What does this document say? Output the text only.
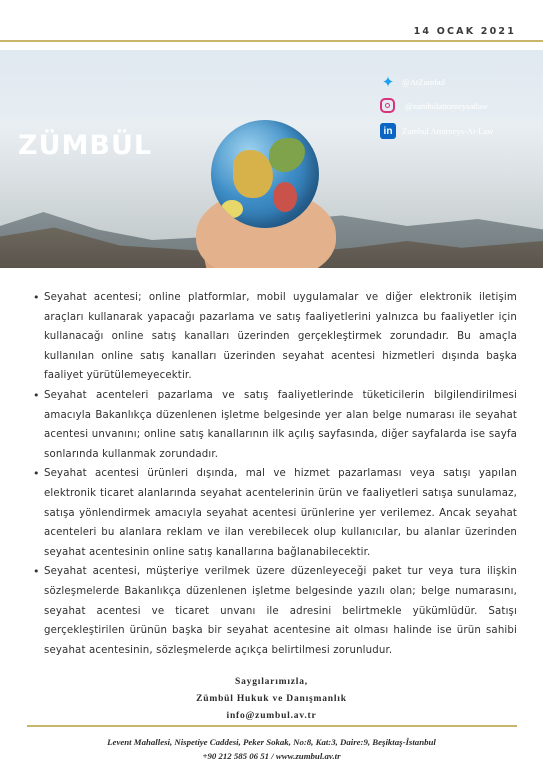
14 OCAK 2021
ZÜMBÜL
✦ @AtZumbul
@zumbulattorneysatlaw
in	Zumbul Attorneys-At-Law
• Seyahat acentesi; online platformlar, mobil uygulamalar ve diğer elektronik iletişim araçları kullanarak yapacağı pazarlama ve satış faaliyetlerini yalnızca bu faaliyetler için kullanacağı online satış kanalları üzerinden gerçekleştirmek zorundadır. Bu amaçla kullanılan online satış kanalları üzerinden seyahat acentesi hizmetleri dışında başka faaliyet yürütülemeyecektir.
• Seyahat acenteleri pazarlama ve satış faaliyetlerinde tüketicilerin bilgilendirilmesi amacıyla Bakanlıkça düzenlenen işletme belgesinde yer alan belge numarası ile seyahat acentesi unvanını; online satış kanallarının ilk açılış sayfasında, diğer sayfalarda ise sayfa sonlarında kullanmak zorundadır.
• Seyahat acentesi ürünleri dışında, mal ve hizmet pazarlaması veya satışı yapılan elektronik ticaret alanlarında seyahat acentelerinin ürün ve faaliyetleri satışa sunulamaz, satışa yönlendirmek amacıyla seyahat acentesi ürünlerine yer verilemez. Ancak seyahat acenteleri bu alanlara reklam ve ilan verebilecek olup kullanıcılar, bu alanlar üzerinden seyahat acentesinin online satış kanallarına bağlanabilecektir.
• Seyahat acentesi, müşteriye verilmek üzere düzenleyeceği paket tur veya tura ilişkin sözleşmelerde Bakanlıkça düzenlenen işletme belgesinde yazılı olan; belge numarasını, seyahat acentesi ve ticaret unvanı ile adresini belirtmekle yükümlüdür. Satışı gerçekleştirilen ürünün başka bir seyahat acentesine ait olması halinde ise ürün sahibi seyahat acentesinin, sözleşmelerde açıkça belirtilmesi zorunludur.
Saygılarımızla,
Zümbül Hukuk ve Danışmanlık
info@zumbul.av.tr
Levent Mahallesi, Nispetiye Caddesi, Peker Sokak, No:8, Kat:3, Daire:9, Beşiktaş-İstanbul
+90 212 585 06 51 / www.zumbul.av.tr
